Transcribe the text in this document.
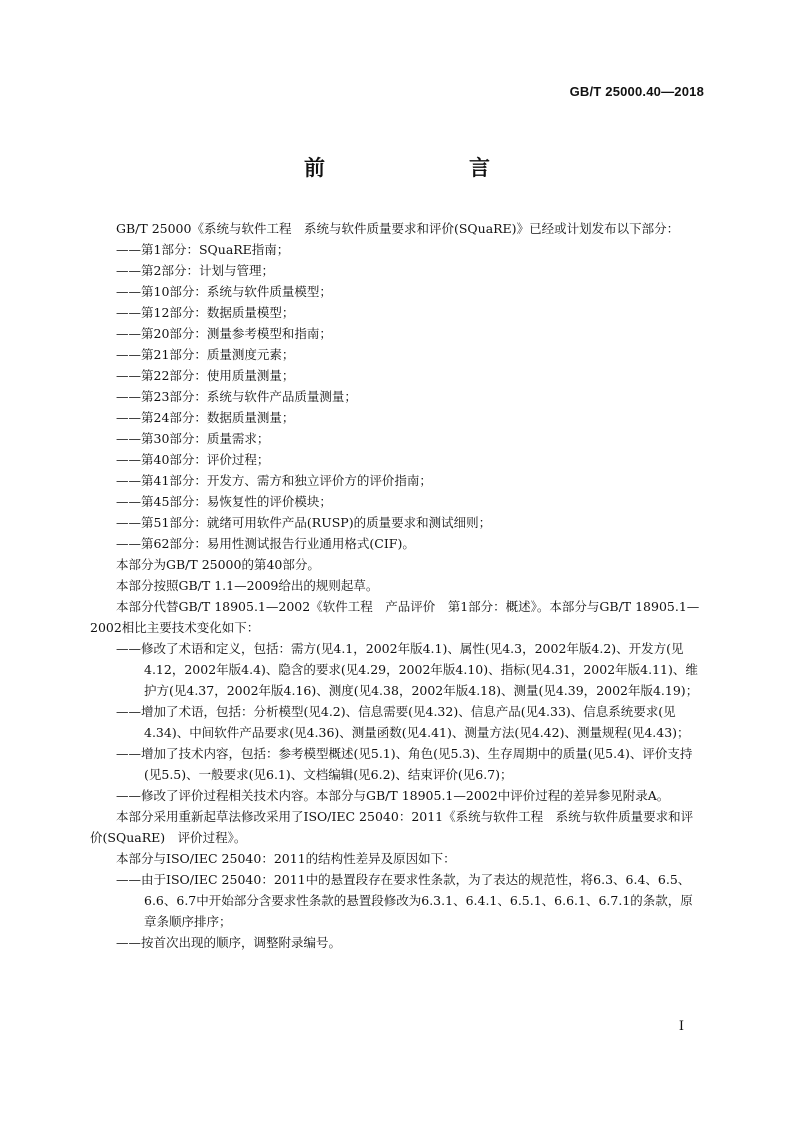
GB/T 25000.40—2018
前　　言

GB/T 25000《系统与软件工程　系统与软件质量要求和评价(SQuaRE)》已经或计划发布以下部分：

——第1部分：SQuaRE指南；

——第2部分：计划与管理；

——第10部分：系统与软件质量模型；

——第12部分：数据质量模型；

——第20部分：测量参考模型和指南；

——第21部分：质量测度元素；

——第22部分：使用质量测量；

——第23部分：系统与软件产品质量测量；

——第24部分：数据质量测量；

——第30部分：质量需求；

——第40部分：评价过程；

——第41部分：开发方、需方和独立评价方的评价指南；

——第45部分：易恢复性的评价模块；

——第51部分：就绪可用软件产品(RUSP)的质量要求和测试细则；

——第62部分：易用性测试报告行业通用格式(CIF)。

本部分为GB/T 25000的第40部分。

本部分按照GB/T 1.1—2009给出的规则起草。

本部分代替GB/T 18905.1—2002《软件工程　产品评价　第1部分：概述》。本部分与GB/T 18905.1—2002相比主要技术变化如下：

——修改了术语和定义，包括：需方(见4.1，2002年版4.1)、属性(见4.3，2002年版4.2)、开发方(见4.12，2002年版4.4)、隐含的要求(见4.29，2002年版4.10)、指标(见4.31，2002年版4.11)、维护方(见4.37，2002年版4.16)、测度(见4.38，2002年版4.18)、测量(见4.39，2002年版4.19)；

——增加了术语，包括：分析模型(见4.2)、信息需要(见4.32)、信息产品(见4.33)、信息系统要求(见4.34)、中间软件产品要求(见4.36)、测量函数(见4.41)、测量方法(见4.42)、测量规程(见4.43)；

——增加了技术内容，包括：参考模型概述(见5.1)、角色(见5.3)、生存周期中的质量(见5.4)、评价支持(见5.5)、一般要求(见6.1)、文档编辑(见6.2)、结束评价(见6.7)；

——修改了评价过程相关技术内容。本部分与GB/T 18905.1—2002中评价过程的差异参见附录A。

本部分采用重新起草法修改采用了ISO/IEC 25040：2011《系统与软件工程　系统与软件质量要求和评价(SQuaRE)　评价过程》。

本部分与ISO/IEC 25040：2011的结构性差异及原因如下：

——由于ISO/IEC 25040：2011中的悬置段存在要求性条款，为了表达的规范性，将6.3、6.4、6.5、6.6、6.7中开始部分含要求性条款的悬置段修改为6.3.1、6.4.1、6.5.1、6.6.1、6.7.1的条款，原章条顺序排序；

——按首次出现的顺序，调整附录编号。

I
